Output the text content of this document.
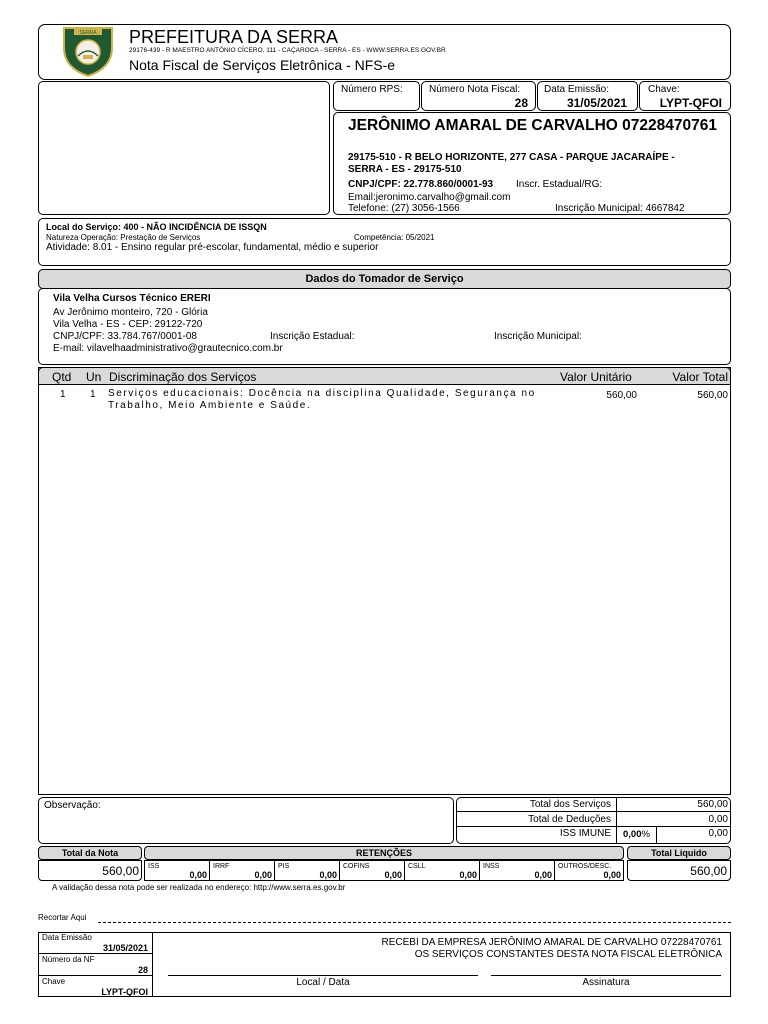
SERRA PREFEITURA DA SERRA
29176-439 - R MAESTRO ANTÔNIO CÍCERO, 111 - CAÇAROCA - SERRA - ES - WWW.SERRA.ES.GOV.BR
Nota Fiscal de Serviços Eletrônica - NFS-e
Número RPS:	Número Nota Fiscal:
28
Data Emissão:
31/05/2021
Chave:
LYPT-QFOI
JERÔNIMO AMARAL DE CARVALHO 07228470761
29175-510 - R BELO HORIZONTE, 277 CASA - PARQUE JACARAÍPE -
SERRA - ES - 29175-510
CNPJ/CPF: 22.778.860/0001-93 Inscr. Estadual/RG:
Email:jeronimo.carvalho@gmail.com
Telefone: (27) 3056-1566	Inscrição Municipal: 4667842
Local do Serviço: 400 - NÃO INCIDÊNCIA DE ISSQN
Natureza Operação: Prestação de Serviços	Competência: 05/2021
Atividade: 8.01 - Ensino regular pré-escolar, fundamental, médio e superior
Dados do Tomador de Serviço
Vila Velha Cursos Técnico ERERI
Av Jerônimo monteiro, 720 - Glória
Vila Velha - ES - CEP: 29122-720
CNPJ/CPF: 33.784.767/0001-08	Inscrição Estadual:	Inscrição Municipal:
E-mail: vilavelhaadministrativo@grautecnico.com.br
Qtd Un Discriminação dos Serviços	Valor Unitário	Valor Total
1 1 Serviços educacionais: Docência na disciplina Qualidade, Segurança no
Trabalho, Meio Ambiente e Saúde.
560,00	560,00
Observação:	Total dos Serviços	560,00
Total de Deduções	0,00
ISS IMUNE 0,00%	0,00
Total da Nota
560,00
RETENÇÕES
ISS
0,00
IRRF
0,00
PIS
0,00
COFINS
0,00
CSLL
0,00
INSS
0,00
OUTROS/DESC.
0,00
Total Liquido
560,00
A validação dessa nota pode ser realizada no endereço: http://www.serra.es.gov.br
Recortar Aqui
Data Emissão
31/05/2021
Número da NF
28
Chave
LYPT-QFOI
RECEBI DA EMPRESA JERÔNIMO AMARAL DE CARVALHO 07228470761
OS SERVIÇOS CONSTANTES DESTA NOTA FISCAL ELETRÔNICA
Local / Data	Assinatura
